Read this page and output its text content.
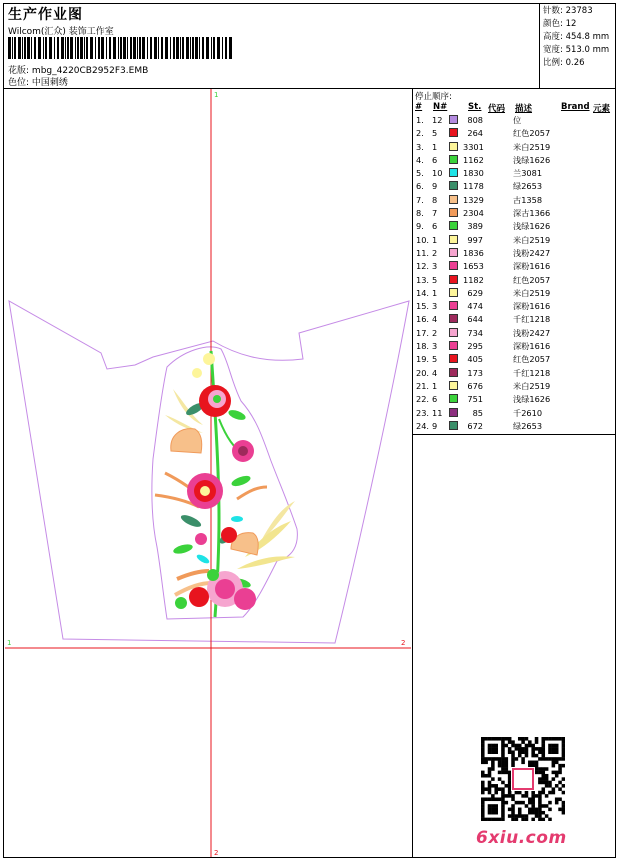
生产作业图
Wilcom(汇众) 装饰工作室
花版: mbg_4220CB2952F3.EMB
色位: 中国刺绣
针数: 23783
颜色: 12
高度: 454.8 mm
宽度: 513.0 mm
比例: 0.26
停止顺序:
# N# St. 代码 描述	Brand 元素
1. 12	808	位
2. 5	264	红色2057
3. 1	3301	米白2519
4. 6	1162	浅绿1626
5. 10	1830	兰3081
6. 9	1178	绿2653
7. 8	1329	古1358
8. 7	2304	深古1366
9. 6	389	浅绿1626
10. 1	997	米白2519
11. 2	1836	浅粉2427
12. 3	1653	深粉1616
13. 5	1182	红色2057
14. 1	629	米白2519
15. 3	474	深粉1616
16. 4	644	千红1218
17. 2	734	浅粉2427
18. 3	295	深粉1616
19. 5	405	红色2057
20. 4	173	千红1218
21. 1	676	米白2519
22. 6	751	浅绿1626
23. 11	85	千2610
24. 9	672	绿2653
1
2
1	2
6xiu.com
